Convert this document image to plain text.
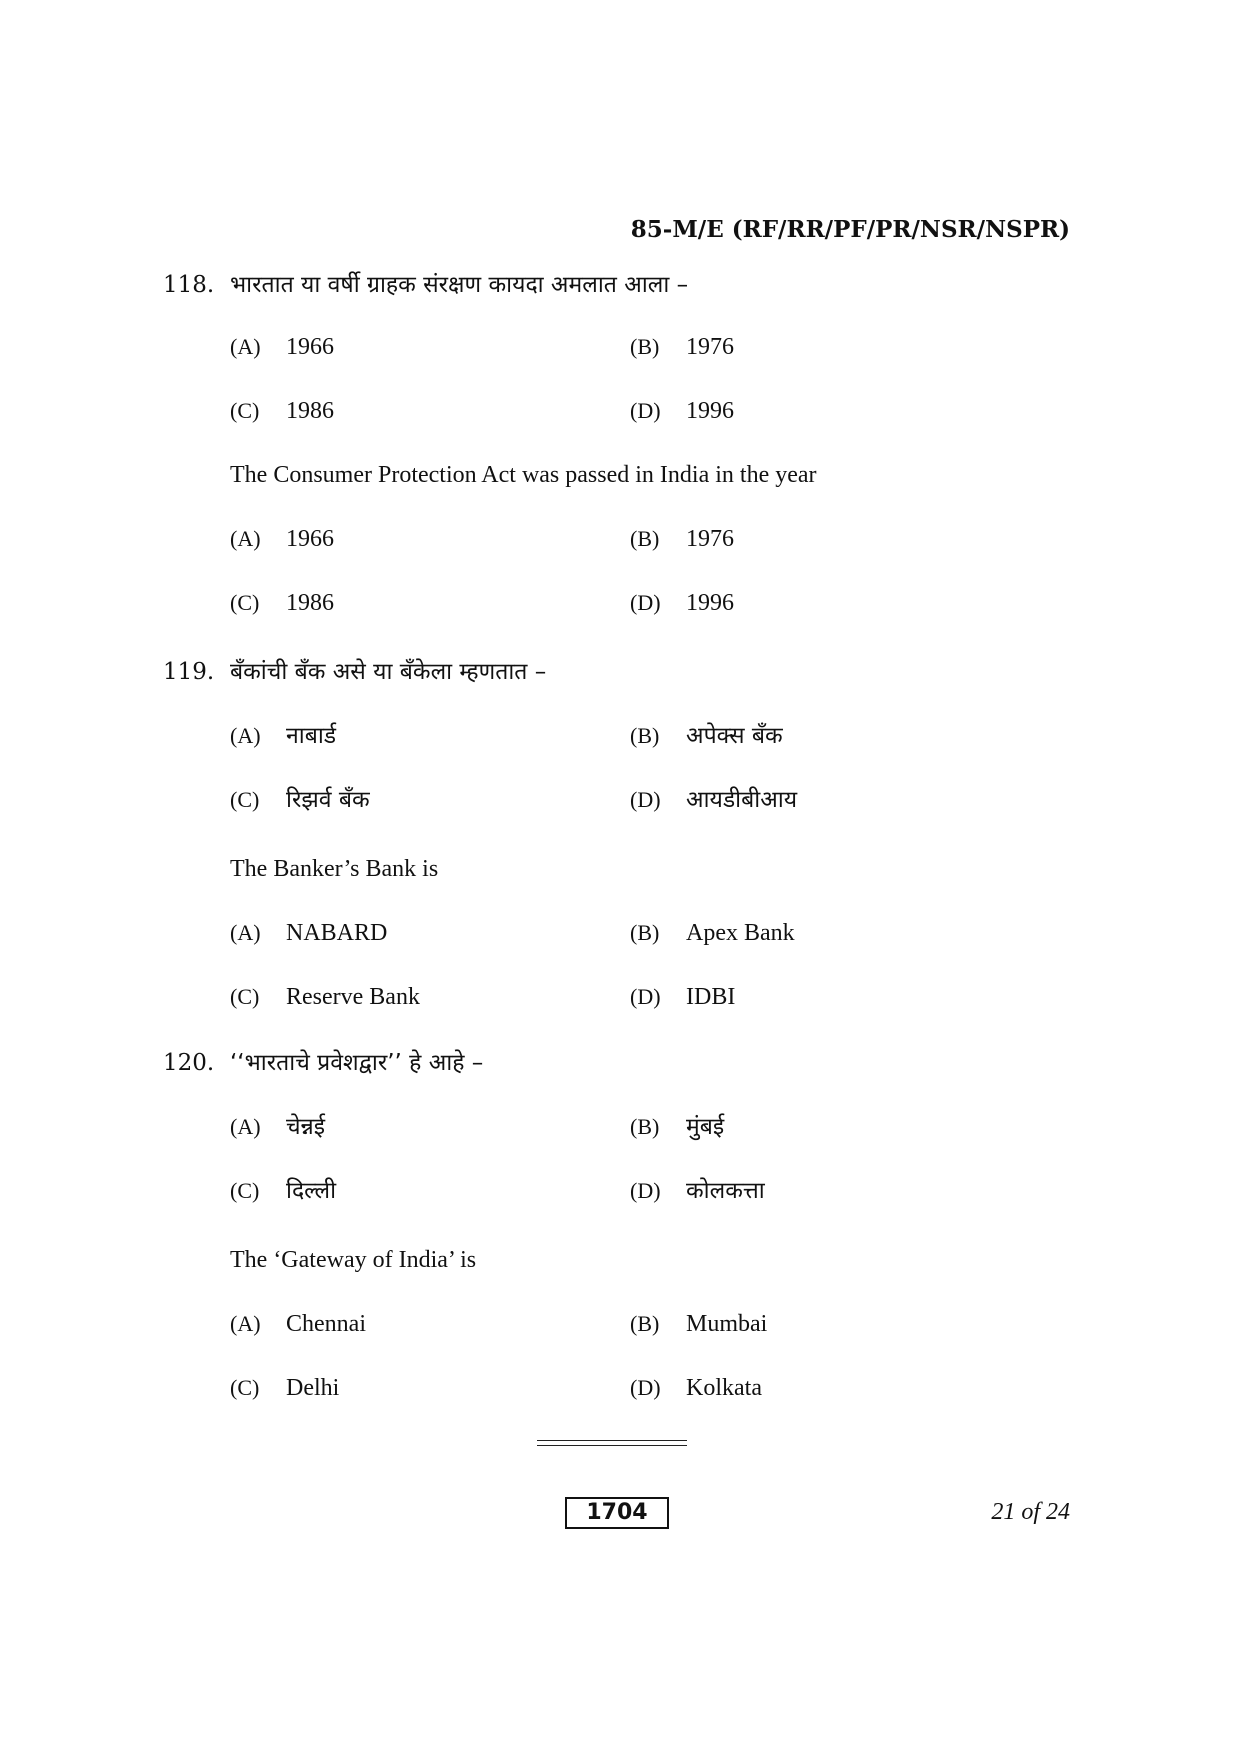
85-M/E (RF/RR/PF/PR/NSR/NSPR)
118. भारतात या वर्षी ग्राहक संरक्षण कायदा अमलात आला –
(A) 1966	(B) 1976
(C) 1986	(D) 1996
The Consumer Protection Act was passed in India in the year
(A) 1966	(B) 1976
(C) 1986	(D) 1996
119. बँकांची बँक असे या बँकेला म्हणतात –
(A) नाबार्ड	(B) अपेक्स बँक
(C) रिझर्व बँक	(D) आयडीबीआय
The Banker’s Bank is
(A) NABARD	(B) Apex Bank
(C) Reserve Bank	(D) IDBI
120. ‘‘भारताचे प्रवेशद्वार’’ हे आहे –
(A) चेन्नई	(B) मुंबई
(C) दिल्ली	(D) कोलकत्ता
The ‘Gateway of India’ is
(A) Chennai	(B) Mumbai
(C) Delhi	(D) Kolkata
1704	21 of 24
